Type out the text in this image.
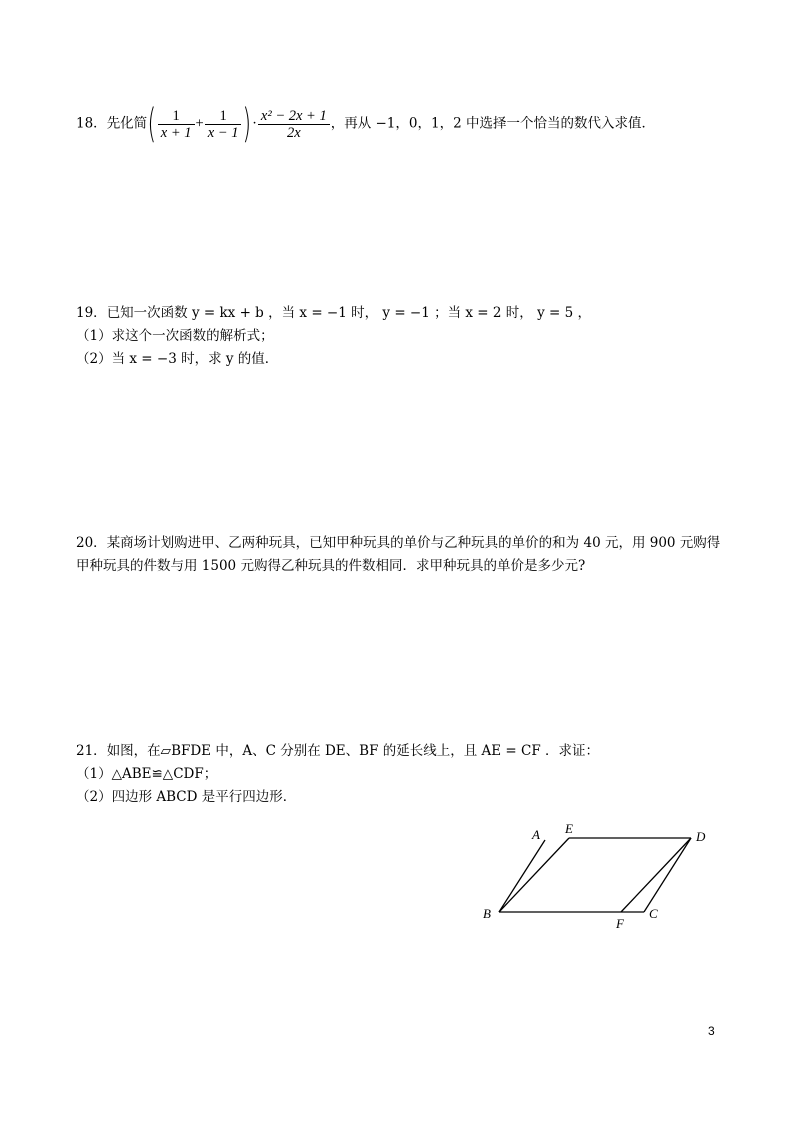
18．先化简( $\frac{1}{x + 1} + \frac{1}{x - 1}$ )· $\frac{\text{x² − 2x + 1}}{2x}$ ，再从 −1，0，1，2 中选择一个恰当的数代入求值．
19．已知一次函数 y = kx + b ，当 x = −1 时， y = −1 ；当 x = 2 时， y = 5 ，
（1）求这个一次函数的解析式；
（2）当 x = −3 时，求 y 的值．
20．某商场计划购进甲、乙两种玩具，已知甲种玩具的单价与乙种玩具的单价的和为 40 元，用 900 元购得
甲种玩具的件数与用 1500 元购得乙种玩具的件数相同．求甲种玩具的单价是多少元?
21．如图，在▱BFDE 中，A、C 分别在 DE、BF 的延长线上，且 AE = CF ．求证：
（1）△ABE≌△CDF；
（2）四边形 ABCD 是平行四边形．
A E
D
B
F
C
3
